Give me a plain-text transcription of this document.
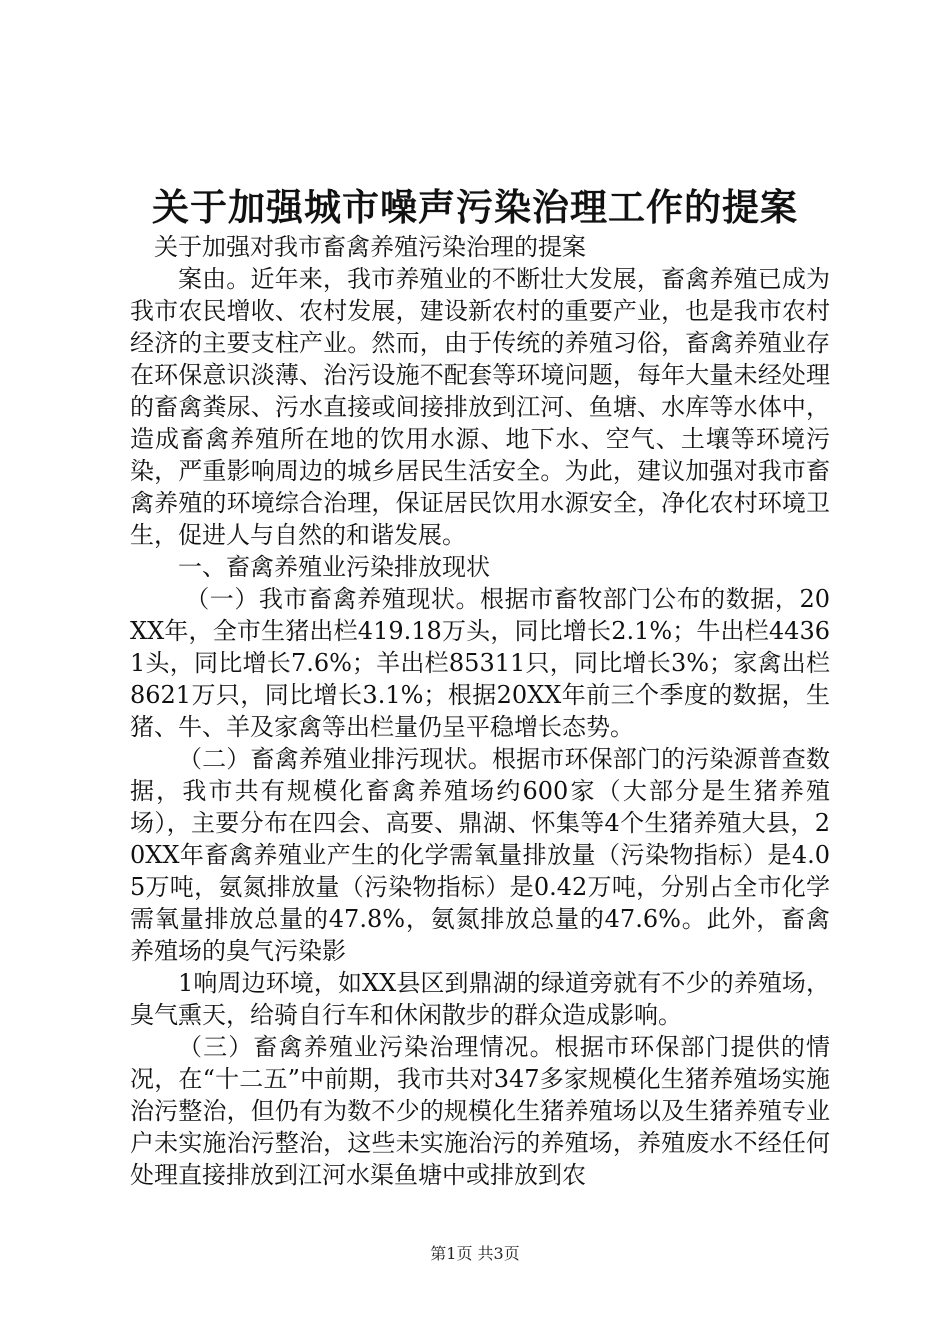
关于加强城市噪声污染治理工作的提案

关于加强对我市畜禽养殖污染治理的提案

案由。近年来，我市养殖业的不断壮大发展，畜禽养殖已成为我市农民增收、农村发展，建设新农村的重要产业，也是我市农村经济的主要支柱产业。然而，由于传统的养殖习俗，畜禽养殖业存在环保意识淡薄、治污设施不配套等环境问题，每年大量未经处理的畜禽粪尿、污水直接或间接排放到江河、鱼塘、水库等水体中，造成畜禽养殖所在地的饮用水源、地下水、空气、土壤等环境污染，严重影响周边的城乡居民生活安全。为此，建议加强对我市畜禽养殖的环境综合治理，保证居民饮用水源安全，净化农村环境卫生，促进人与自然的和谐发展。

一、畜禽养殖业污染排放现状

（一）我市畜禽养殖现状。根据市畜牧部门公布的数据，20XX年，全市生猪出栏419.18万头，同比增长2.1%；牛出栏44361头，同比增长7.6%；羊出栏85311只，同比增长3%；家禽出栏8621万只，同比增长3.1%；根据20XX年前三个季度的数据，生猪、牛、羊及家禽等出栏量仍呈平稳增长态势。

（二）畜禽养殖业排污现状。根据市环保部门的污染源普查数据，我市共有规模化畜禽养殖场约600家（大部分是生猪养殖场），主要分布在四会、高要、鼎湖、怀集等4个生猪养殖大县，20XX年畜禽养殖业产生的化学需氧量排放量（污染物指标）是4.05万吨，氨氮排放量（污染物指标）是0.42万吨，分别占全市化学需氧量排放总量的47.8%，氨氮排放总量的47.6%。此外，畜禽养殖场的臭气污染影

1响周边环境，如XX县区到鼎湖的绿道旁就有不少的养殖场，臭气熏天，给骑自行车和休闲散步的群众造成影响。

（三）畜禽养殖业污染治理情况。根据市环保部门提供的情况，在“十二五”中前期，我市共对347多家规模化生猪养殖场实施治污整治，但仍有为数不少的规模化生猪养殖场以及生猪养殖专业户未实施治污整治，这些未实施治污的养殖场，养殖废水不经任何处理直接排放到江河水渠鱼塘中或排放到农

第1页 共3页
